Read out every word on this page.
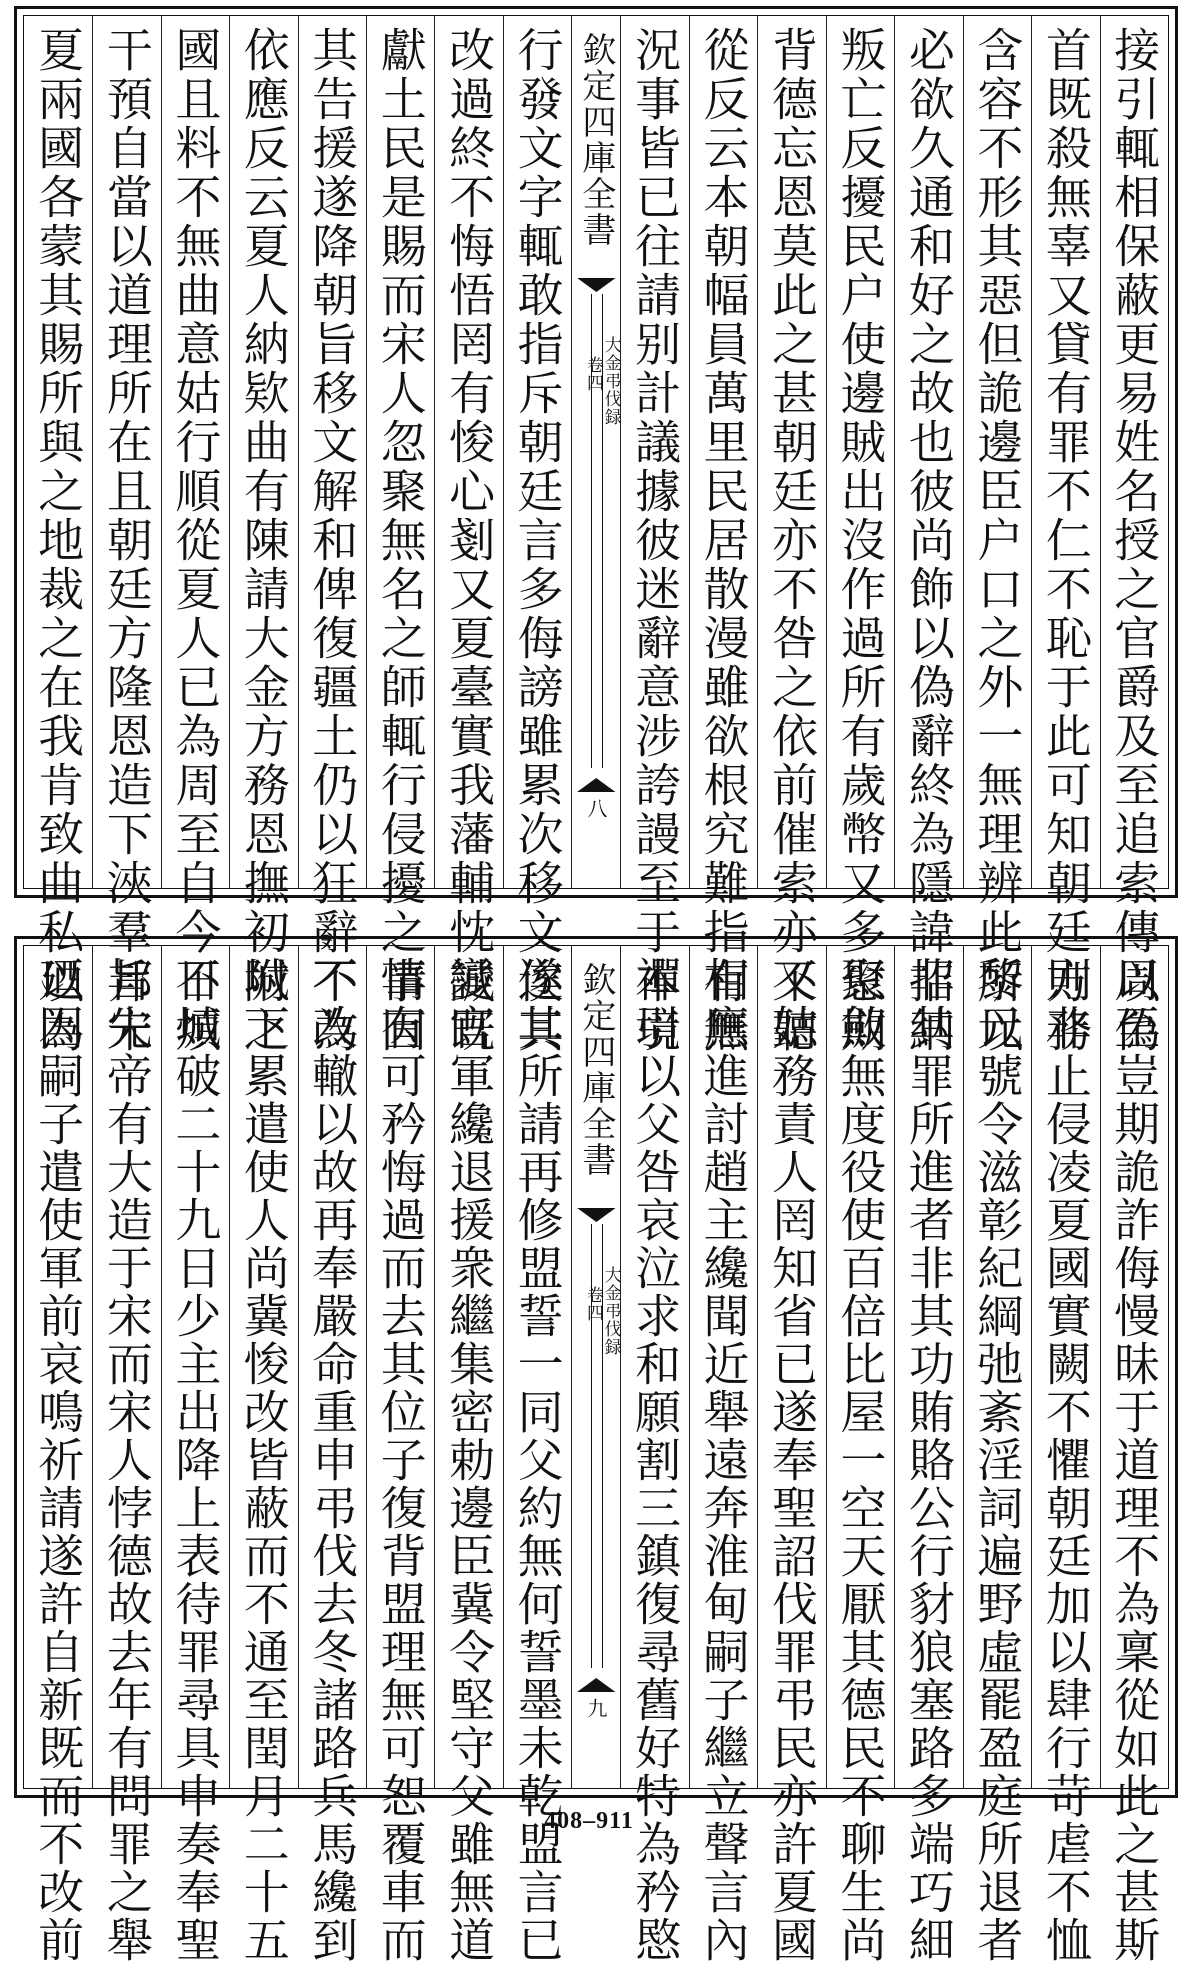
接引輒相保蔽更易姓名授之官爵及至追索傳以偽
首既殺無辜又貸有罪不仁不恥于此可知朝廷方務
含容不形其惡但詭邊臣户口之外一無理辨此所以
必欲久通和好之故也彼尚飾以偽辭終為隱諱招納
叛亡反擾民户使邊賊出沒作過所有歲幣又多愆期
背德忘恩莫此之甚朝廷亦不咎之依前催索亦不聽
從反云本朝幅員萬里民居散漫雖欲根究難指有無
況事皆已往請别計議據彼迷辭意涉誇謾至于本境
欽定四庫全書
大金弔伐録
卷四
八
行發文字輒敢指斥朝廷言多侮謗雖累次移文俟其
改過終不悔悟罔有悛心剗又夏臺實我藩輔忱誠既
獻土民是賜而宋人忽聚無名之師輒行侵擾之事因
其告援遂降朝旨移文解和俾復疆土仍以狂辭不為
依應反云夏人納欵曲有陳請大金方務恩撫初附之
國且料不無曲意姑行順從夏人已為周至自今不煩
干預自當以道理所在且朝廷方隆恩造下浹羣邦宋
夏兩國各蒙其賜所與之地裁之在我肯致曲私以為
周至豈期詭詐侮慢昧于道理不為稟從如此之甚斯
則非止侵凌夏國實闕不懼朝廷加以肆行苛虐不恤
黎元號令滋彰紀綱弛紊淫詞遍野虛罷盈庭所退者
非其罪所進者非其功賄賂公行豺狼塞路多端巧細
聚斂無度役使百倍比屋一空天厭其德民不聊生尚
又姑務責人罔知省已遂奉聖詔伐罪弔民亦許夏國
相應進討趙主纔聞近舉遠奔淮甸嗣子繼立聲言內
禪引以父咎哀泣求和願割三鎮復尋舊好特為矜愍
欽定四庫全書
大金弔伐録
卷四
九
遂其所請再修盟誓一同父約無何誓墨未乾盟言已
變官軍纔退援衆繼集密勅邊臣冀令堅守父雖無道
情有可矜悔過而去其位子復背盟理無可恕覆車而
不改轍以故再奉嚴命重申弔伐去冬諸路兵馬纔到
城下累遣使人尚冀悛改皆蔽而不通至閏月二十五
日城破二十九日少主出降上表待罪尋具申奏奉聖
旨先帝有大造于宋而宋人悖德故去年有問罪之舉
廼因嗣子遣使軍前哀鳴祈請遂許自新既而不改前	408–911
